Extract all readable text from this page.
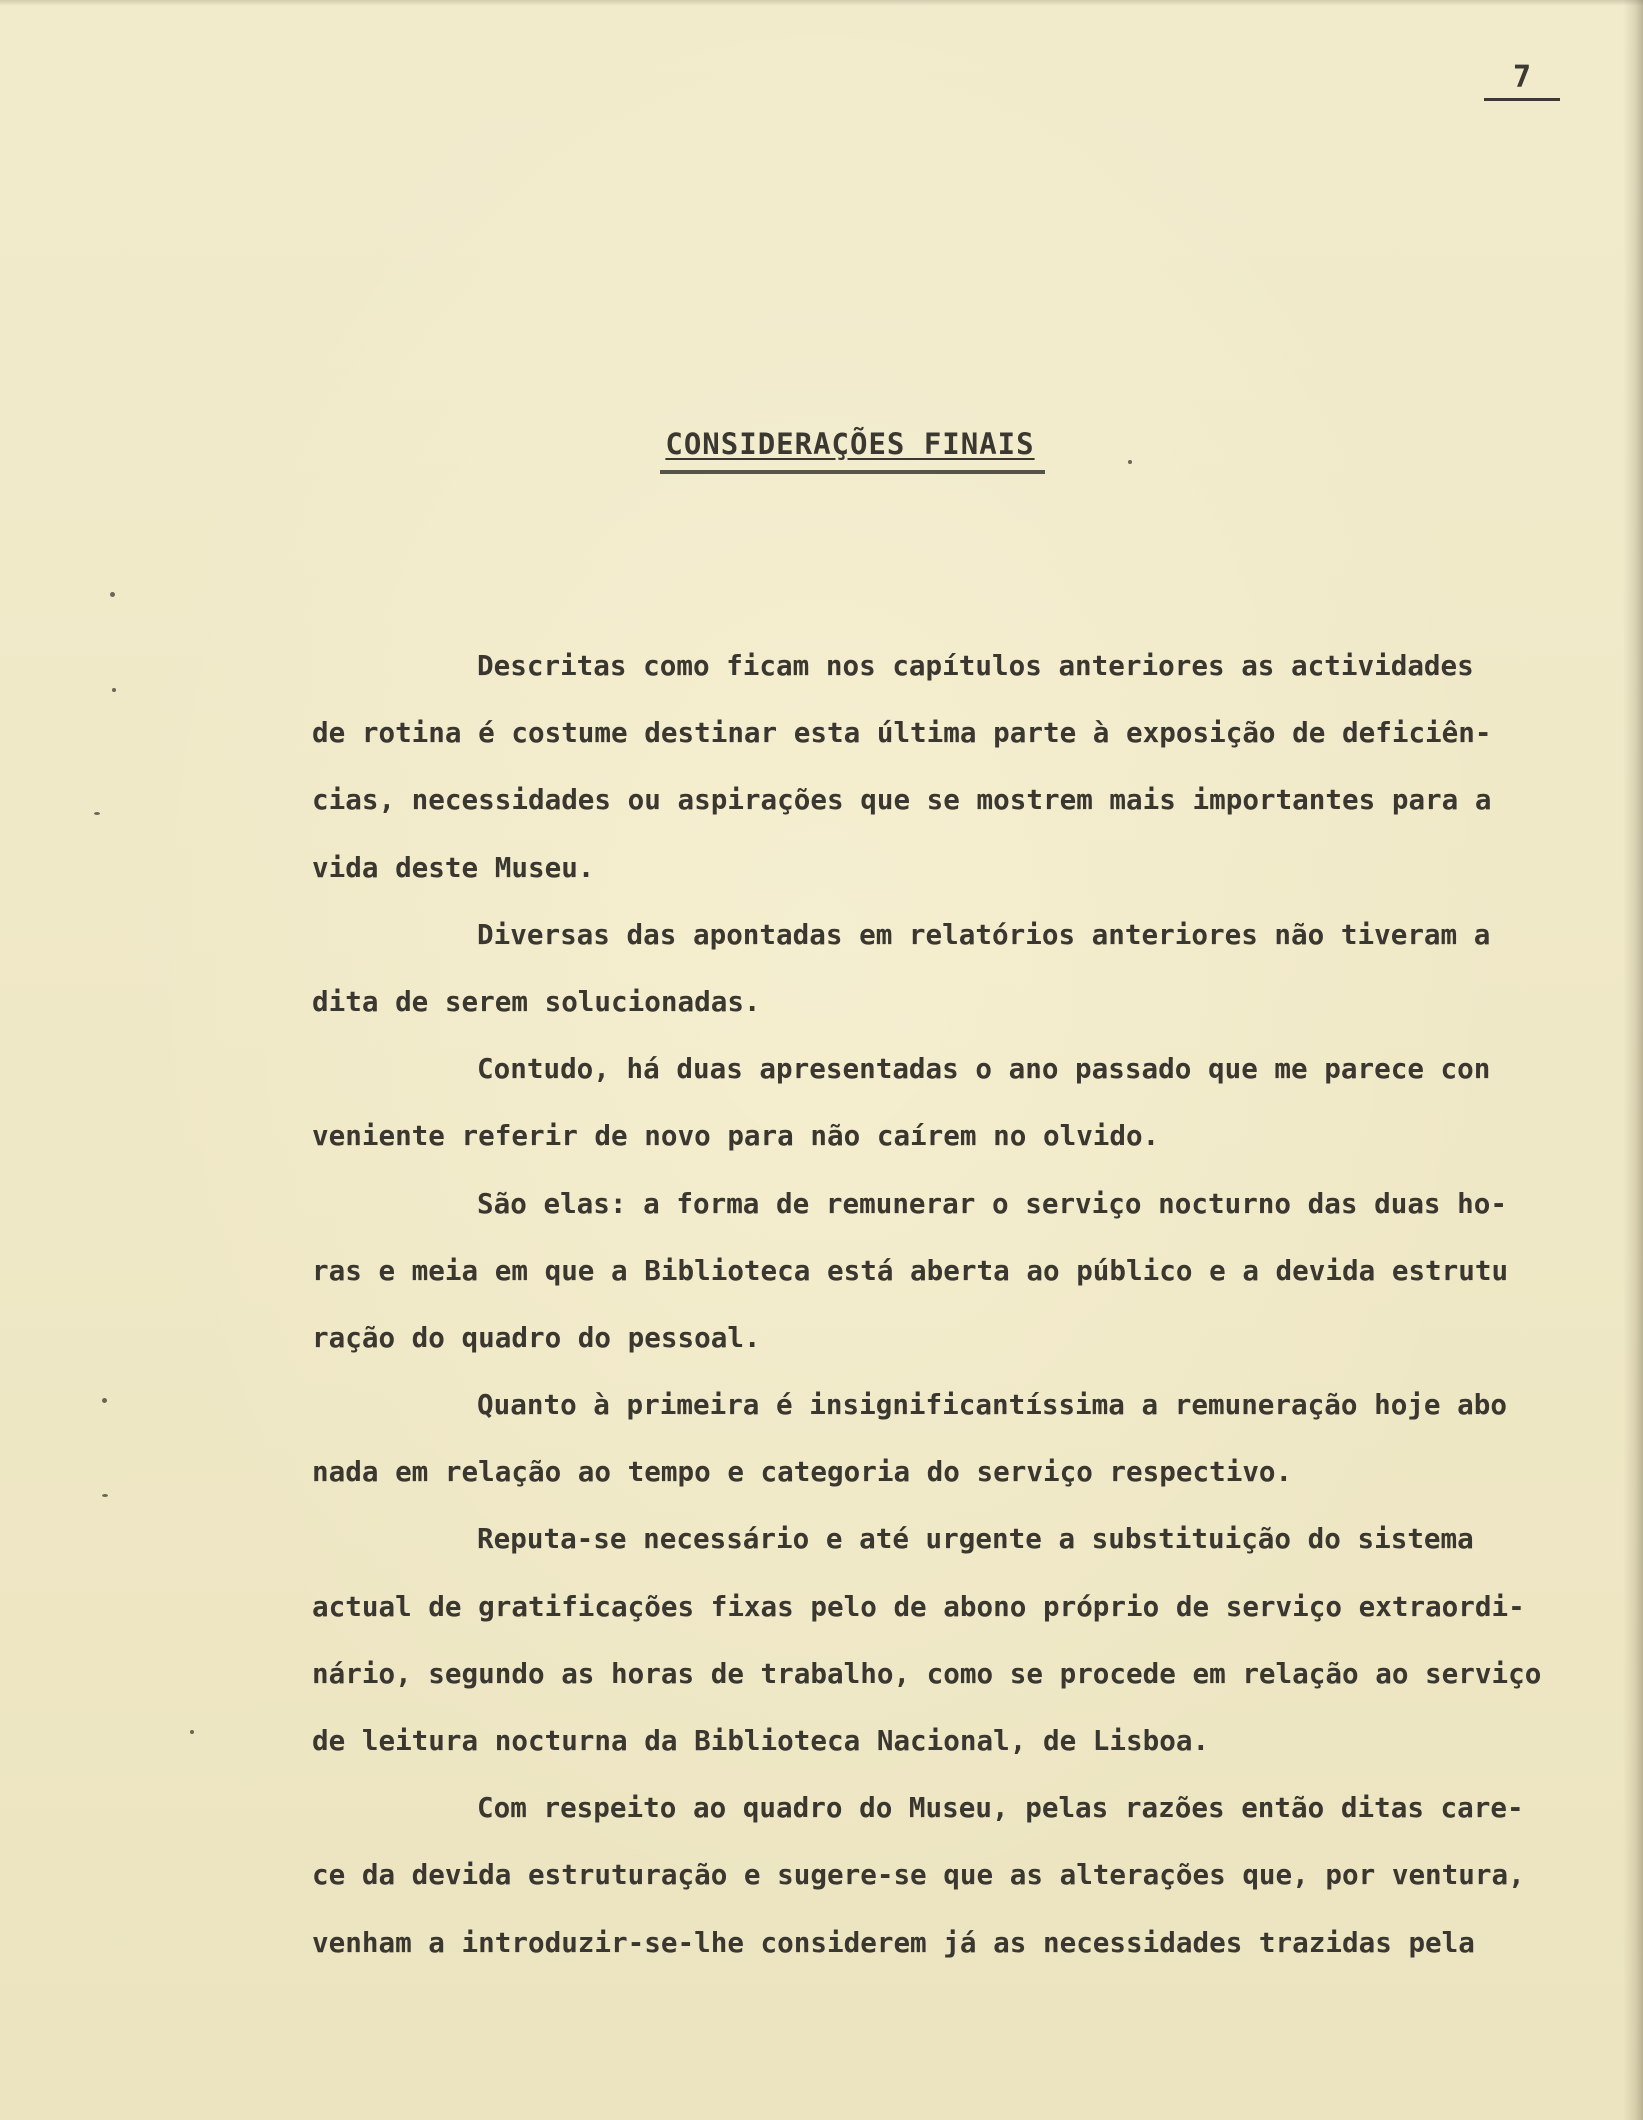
7
CONSIDERAÇÕES FINAIS
Descritas como ficam nos capítulos anteriores as actividades
de rotina é costume destinar esta última parte à exposição de deficiên-
cias, necessidades ou aspirações que se mostrem mais importantes para a
vida deste Museu.
Diversas das apontadas em relatórios anteriores não tiveram a
dita de serem solucionadas.
Contudo, há duas apresentadas o ano passado que me parece con
veniente referir de novo para não caírem no olvido.
São elas: a forma de remunerar o serviço nocturno das duas ho-
ras e meia em que a Biblioteca está aberta ao público e a devida estrutu
ração do quadro do pessoal.
Quanto à primeira é insignificantíssima a remuneração hoje abo
nada em relação ao tempo e categoria do serviço respectivo.
Reputa-se necessário e até urgente a substituição do sistema
actual de gratificações fixas pelo de abono próprio de serviço extraordi-
nário, segundo as horas de trabalho, como se procede em relação ao serviço
de leitura nocturna da Biblioteca Nacional, de Lisboa.
Com respeito ao quadro do Museu, pelas razões então ditas care-
ce da devida estruturação e sugere-se que as alterações que, por ventura,
venham a introduzir-se-lhe considerem já as necessidades trazidas pela
